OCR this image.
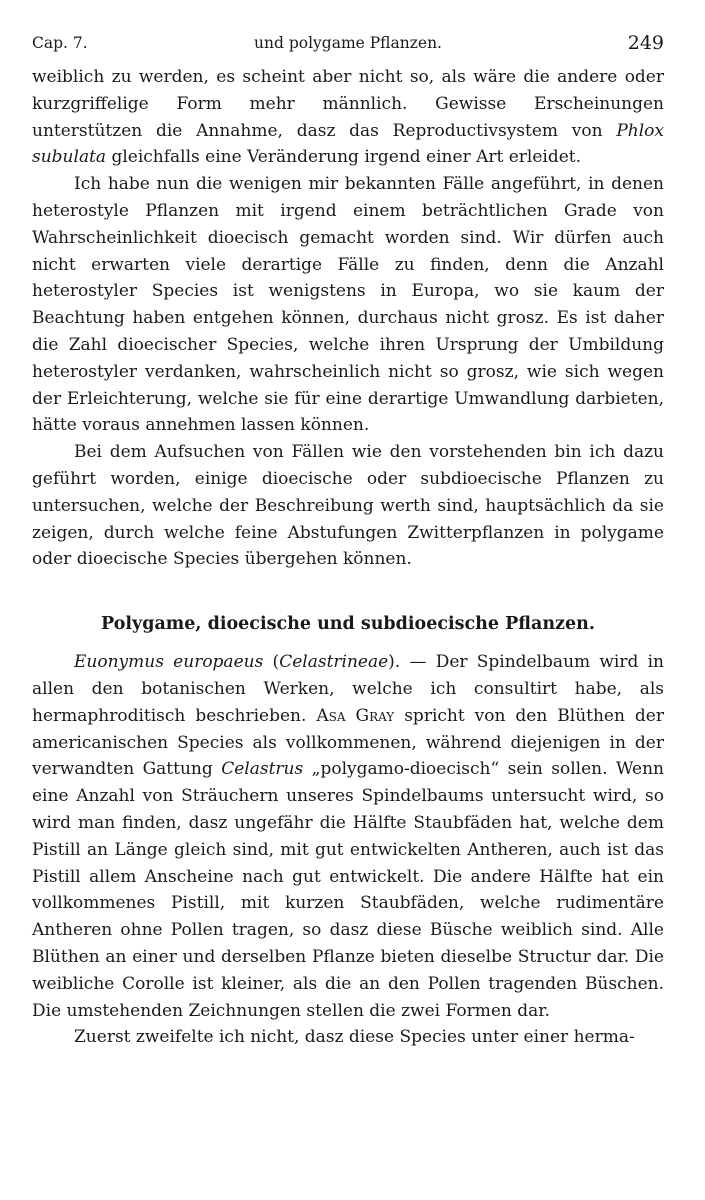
Cap. 7.	und polygame Pflanzen.	249

weiblich zu werden, es scheint aber nicht so, als wäre die andere oder kurzgriffelige Form mehr männlich. Gewisse Erscheinungen unterstützen die Annahme, dasz das Reproductivsystem von Phlox subulata gleichfalls eine Veränderung irgend einer Art erleidet.

Ich habe nun die wenigen mir bekannten Fälle angeführt, in denen heterostyle Pflanzen mit irgend einem beträchtlichen Grade von Wahrscheinlichkeit dioecisch gemacht worden sind. Wir dürfen auch nicht erwarten viele derartige Fälle zu finden, denn die Anzahl heterostyler Species ist wenigstens in Europa, wo sie kaum der Beachtung haben entgehen können, durchaus nicht grosz. Es ist daher die Zahl dioecischer Species, welche ihren Ursprung der Umbildung heterostyler verdanken, wahrscheinlich nicht so grosz, wie sich wegen der Erleichterung, welche sie für eine derartige Umwandlung darbieten, hätte voraus annehmen lassen können.

Bei dem Aufsuchen von Fällen wie den vorstehenden bin ich dazu geführt worden, einige dioecische oder subdioecische Pflanzen zu untersuchen, welche der Beschreibung werth sind, hauptsächlich da sie zeigen, durch welche feine Abstufungen Zwitterpflanzen in polygame oder dioecische Species übergehen können.

Polygame, dioecische und subdioecische Pflanzen.

Euonymus europaeus (Celastrineae). — Der Spindelbaum wird in allen den botanischen Werken, welche ich consultirt habe, als hermaphroditisch beschrieben. Asa Gray spricht von den Blüthen der americanischen Species als vollkommenen, während diejenigen in der verwandten Gattung Celastrus „polygamo-dioecisch“ sein sollen. Wenn eine Anzahl von Sträuchern unseres Spindelbaums untersucht wird, so wird man finden, dasz ungefähr die Hälfte Staubfäden hat, welche dem Pistill an Länge gleich sind, mit gut entwickelten Antheren, auch ist das Pistill allem Anscheine nach gut entwickelt. Die andere Hälfte hat ein vollkommenes Pistill, mit kurzen Staubfäden, welche rudimentäre Antheren ohne Pollen tragen, so dasz diese Büsche weiblich sind. Alle Blüthen an einer und derselben Pflanze bieten dieselbe Structur dar. Die weibliche Corolle ist kleiner, als die an den Pollen tragenden Büschen. Die umstehenden Zeichnungen stellen die zwei Formen dar.

Zuerst zweifelte ich nicht, dasz diese Species unter einer herma-
